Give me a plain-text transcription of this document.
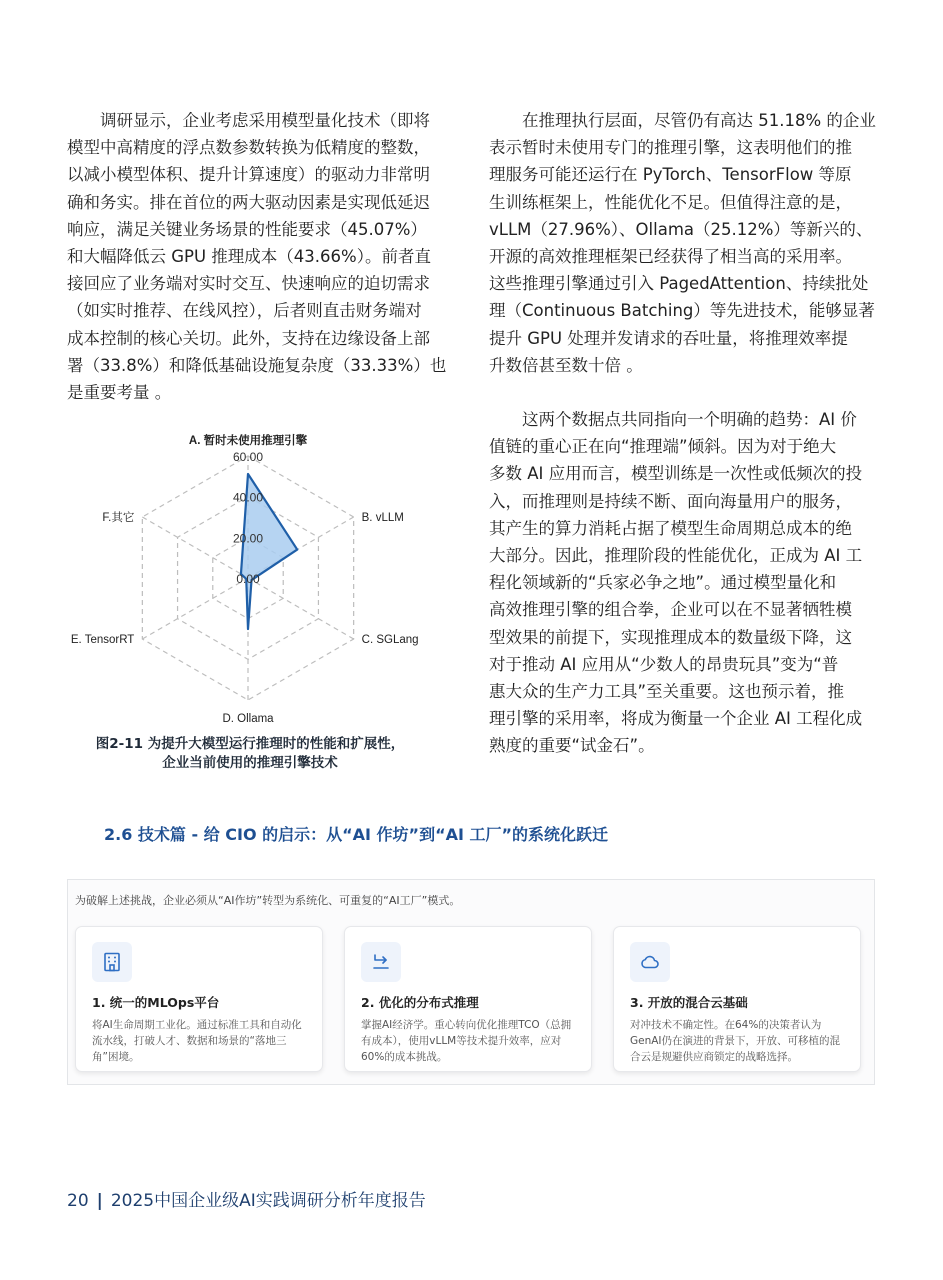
调研显示，企业考虑采用模型量化技术（即将
模型中高精度的浮点数参数转换为低精度的整数，
以减小模型体积、提升计算速度）的驱动力非常明
确和务实。排在首位的两大驱动因素是实现低延迟
响应，满足关键业务场景的性能要求（45.07%）
和大幅降低云 GPU 推理成本（43.66%）。前者直
接回应了业务端对实时交互、快速响应的迫切需求
（如实时推荐、在线风控），后者则直击财务端对
成本控制的核心关切。此外，支持在边缘设备上部
署（33.8%）和降低基础设施复杂度（33.33%）也
是重要考量 。
在推理执行层面，尽管仍有高达 51.18% 的企业
表示暂时未使用专门的推理引擎，这表明他们的推
理服务可能还运行在 PyTorch、TensorFlow 等原
生训练框架上，性能优化不足。但值得注意的是，
vLLM（27.96%）、Ollama（25.12%）等新兴的、
开源的高效推理框架已经获得了相当高的采用率。
这些推理引擎通过引入 PagedAttention、持续批处
理（Continuous Batching）等先进技术，能够显著
提升 GPU 处理并发请求的吞吐量，将推理效率提
升数倍甚至数十倍 。
这两个数据点共同指向一个明确的趋势：AI 价
值链的重心正在向“推理端”倾斜。因为对于绝大
多数 AI 应用而言，模型训练是一次性或低频次的投
入，而推理则是持续不断、面向海量用户的服务，
其产生的算力消耗占据了模型生命周期总成本的绝
大部分。因此，推理阶段的性能优化，正成为 AI 工
程化领域新的“兵家必争之地”。通过模型量化和
高效推理引擎的组合拳，企业可以在不显著牺牲模
型效果的前提下，实现推理成本的数量级下降，这
对于推动 AI 应用从“少数人的昂贵玩具”变为“普
惠大众的生产力工具”至关重要。这也预示着，推
理引擎的采用率，将成为衡量一个企业 AI 工程化成
熟度的重要“试金石”。
0.00
20.00
40.00
60.00
A. 暂时未使用推理引擎
B. vLLM
C. SGLang
D. Ollama
E. TensorRT
F.其它
图2-11 为提升大模型运行推理时的性能和扩展性，
企业当前使用的推理引擎技术
2.6 技术篇 - 给 CIO 的启示：从“AI 作坊”到“AI 工厂”的系统化跃迁
为破解上述挑战，企业必须从“AI作坊”转型为系统化、可重复的“AI工厂”模式。
1. 统一的MLOps平台
将AI生命周期工业化。通过标准工具和自动化流水线，打破人才、数据和场景的“落地三角”困境。
2. 优化的分布式推理
掌握AI经济学。重心转向优化推理TCO（总拥有成本），使用vLLM等技术提升效率，应对60%的成本挑战。
3. 开放的混合云基础
对冲技术不确定性。在64%的决策者认为GenAI仍在演进的背景下，开放、可移植的混合云是规避供应商锁定的战略选择。
20 | 2025中国企业级AI实践调研分析年度报告
